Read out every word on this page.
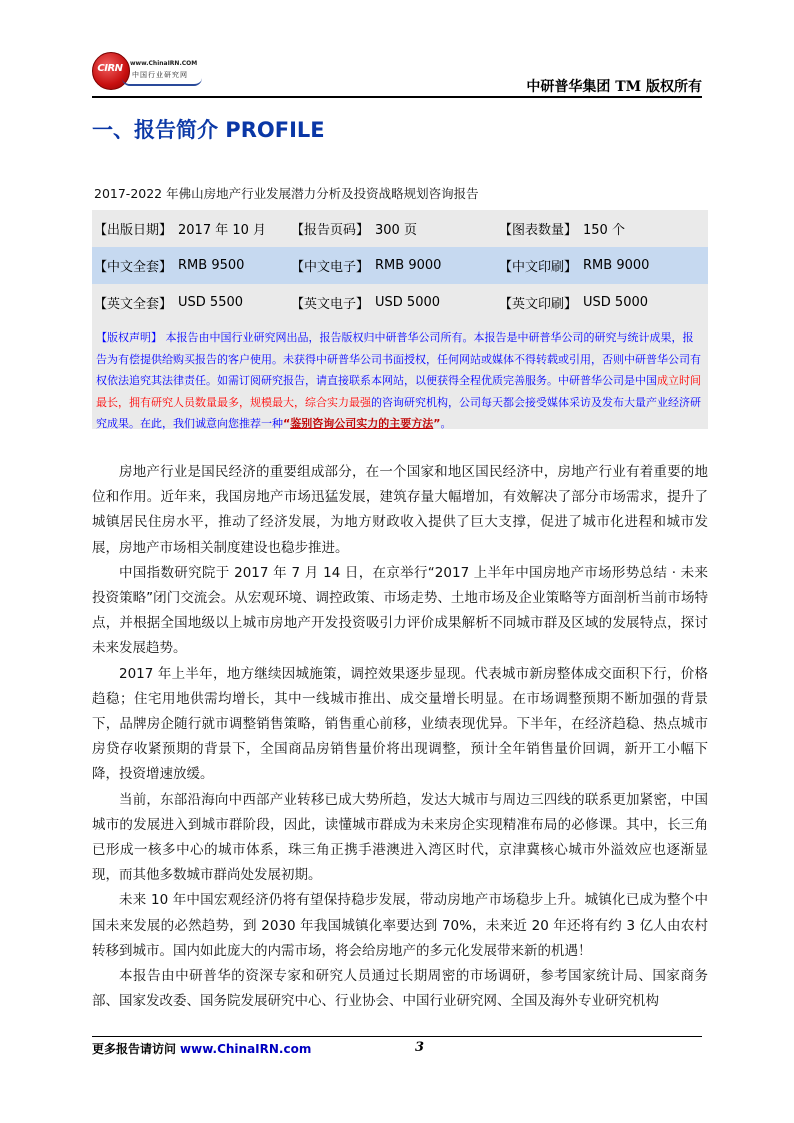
CIRN	www.ChinaIRN.COM
中国行业研究网
中研普华集团 TM 版权所有
一、报告简介 PROFILE
2017-2022 年佛山房地产行业发展潜力分析及投资战略规划咨询报告
【出版日期】 2017 年 10 月 【报告页码】 300 页	【图表数量】 150 个
【中文全套】 RMB 9500	【中文电子】 RMB 9000	【中文印刷】 RMB 9000
【英文全套】 USD 5500	【英文电子】 USD 5000	【英文印刷】 USD 5000
【版权声明】 本报告由中国行业研究网出品，报告版权归中研普华公司所有。本报告是中研普华公司的研究与统计成果，报告为有偿提供给购买报告的客户使用。未获得中研普华公司书面授权，任何网站或媒体不得转载或引用，否则中研普华公司有权依法追究其法律责任。如需订阅研究报告，请直接联系本网站，以便获得全程优质完善服务。中研普华公司是中国成立时间最长，拥有研究人员数量最多，规模最大，综合实力最强的咨询研究机构，公司每天都会接受媒体采访及发布大量产业经济研究成果。在此，我们诚意向您推荐一种“鉴别咨询公司实力的主要方法”。

房地产行业是国民经济的重要组成部分，在一个国家和地区国民经济中，房地产行业有着重要的地位和作用。近年来，我国房地产市场迅猛发展，建筑存量大幅增加，有效解决了部分市场需求，提升了城镇居民住房水平，推动了经济发展，为地方财政收入提供了巨大支撑，促进了城市化进程和城市发展，房地产市场相关制度建设也稳步推进。

中国指数研究院于 2017 年 7 月 14 日，在京举行“2017 上半年中国房地产市场形势总结 · 未来投资策略”闭门交流会。从宏观环境、调控政策、市场走势、土地市场及企业策略等方面剖析当前市场特点，并根据全国地级以上城市房地产开发投资吸引力评价成果解析不同城市群及区域的发展特点，探讨未来发展趋势。

2017 年上半年，地方继续因城施策，调控效果逐步显现。代表城市新房整体成交面积下行，价格趋稳；住宅用地供需均增长，其中一线城市推出、成交量增长明显。在市场调整预期不断加强的背景下，品牌房企随行就市调整销售策略，销售重心前移，业绩表现优异。下半年，在经济趋稳、热点城市房贷存收紧预期的背景下，全国商品房销售量价将出现调整，预计全年销售量价回调，新开工小幅下降，投资增速放缓。

当前，东部沿海向中西部产业转移已成大势所趋，发达大城市与周边三四线的联系更加紧密，中国城市的发展进入到城市群阶段，因此，读懂城市群成为未来房企实现精准布局的必修课。其中，长三角已形成一核多中心的城市体系，珠三角正携手港澳进入湾区时代，京津冀核心城市外溢效应也逐渐显现，而其他多数城市群尚处发展初期。

未来 10 年中国宏观经济仍将有望保持稳步发展，带动房地产市场稳步上升。城镇化已成为整个中国未来发展的必然趋势，到 2030 年我国城镇化率要达到 70%，未来近 20 年还将有约 3 亿人由农村转移到城市。国内如此庞大的内需市场，将会给房地产的多元化发展带来新的机遇！

本报告由中研普华的资深专家和研究人员通过长期周密的市场调研，参考国家统计局、国家商务部、国家发改委、国务院发展研究中心、行业协会、中国行业研究网、全国及海外专业研究机构

更多报告请访问 www.ChinaIRN.com	3
